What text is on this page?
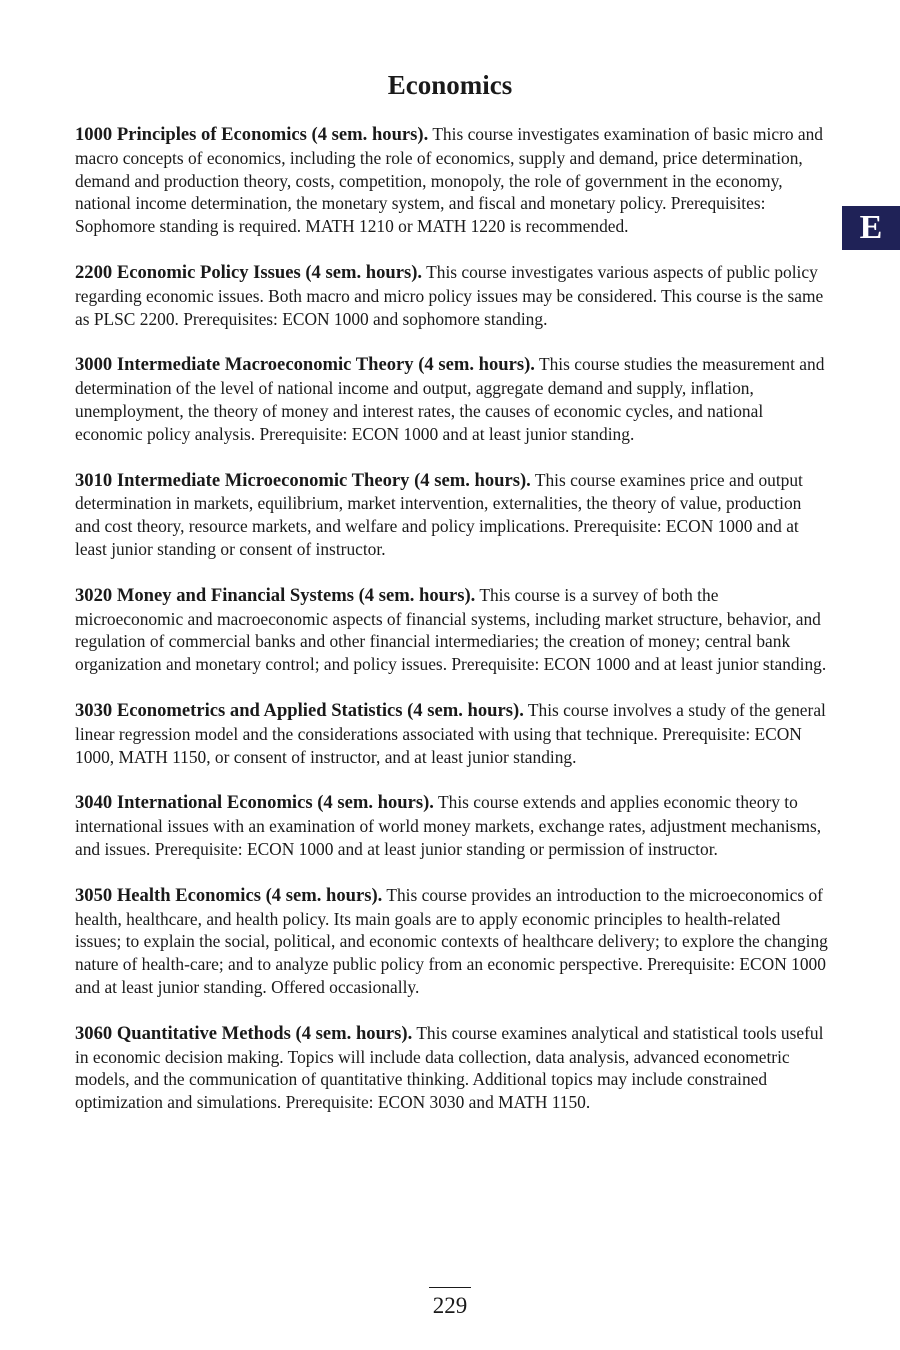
Economics
E

1000 Principles of Economics (4 sem. hours). This course investigates examination of basic micro and macro concepts of economics, including the role of economics, supply and demand, price determination, demand and production theory, costs, competition, monopoly, the role of government in the economy, national income determination, the monetary system, and fiscal and monetary policy. Prerequisites: Sophomore standing is required. MATH 1210 or MATH 1220 is recommended.

2200 Economic Policy Issues (4 sem. hours). This course investigates various aspects of public policy regarding economic issues. Both macro and micro policy issues may be considered. This course is the same as PLSC 2200. Prerequisites: ECON 1000 and sophomore standing.

3000 Intermediate Macroeconomic Theory (4 sem. hours). This course studies the measurement and determination of the level of national income and output, aggregate demand and supply, inflation, unemployment, the theory of money and interest rates, the causes of economic cycles, and national economic policy analysis. Prerequisite: ECON 1000 and at least junior standing.

3010 Intermediate Microeconomic Theory (4 sem. hours). This course examines price and output determination in markets, equilibrium, market intervention, externalities, the theory of value, production and cost theory, resource markets, and welfare and policy implications. Prerequisite: ECON 1000 and at least junior standing or consent of instructor.

3020 Money and Financial Systems (4 sem. hours). This course is a survey of both the microeconomic and macroeconomic aspects of financial systems, including market structure, behavior, and regulation of commercial banks and other financial intermediaries; the creation of money; central bank organization and monetary control; and policy issues. Prerequisite: ECON 1000 and at least junior standing.

3030 Econometrics and Applied Statistics (4 sem. hours). This course involves a study of the general linear regression model and the considerations associated with using that technique. Prerequisite: ECON 1000, MATH 1150, or consent of instructor, and at least junior standing.

3040 International Economics (4 sem. hours). This course extends and applies economic theory to international issues with an examination of world money markets, exchange rates, adjustment mechanisms, and issues. Prerequisite: ECON 1000 and at least junior standing or permission of instructor.

3050 Health Economics (4 sem. hours). This course provides an introduction to the microeconomics of health, healthcare, and health policy. Its main goals are to apply economic principles to health-related issues; to explain the social, political, and economic contexts of healthcare delivery; to explore the changing nature of health-care; and to analyze public policy from an economic perspective. Prerequisite: ECON 1000 and at least junior standing. Offered occasionally.

3060 Quantitative Methods (4 sem. hours). This course examines analytical and statistical tools useful in economic decision making. Topics will include data collection, data analysis, advanced econometric models, and the communication of quantitative thinking. Additional topics may include constrained optimization and simulations. Prerequisite: ECON 3030 and MATH 1150.

229
